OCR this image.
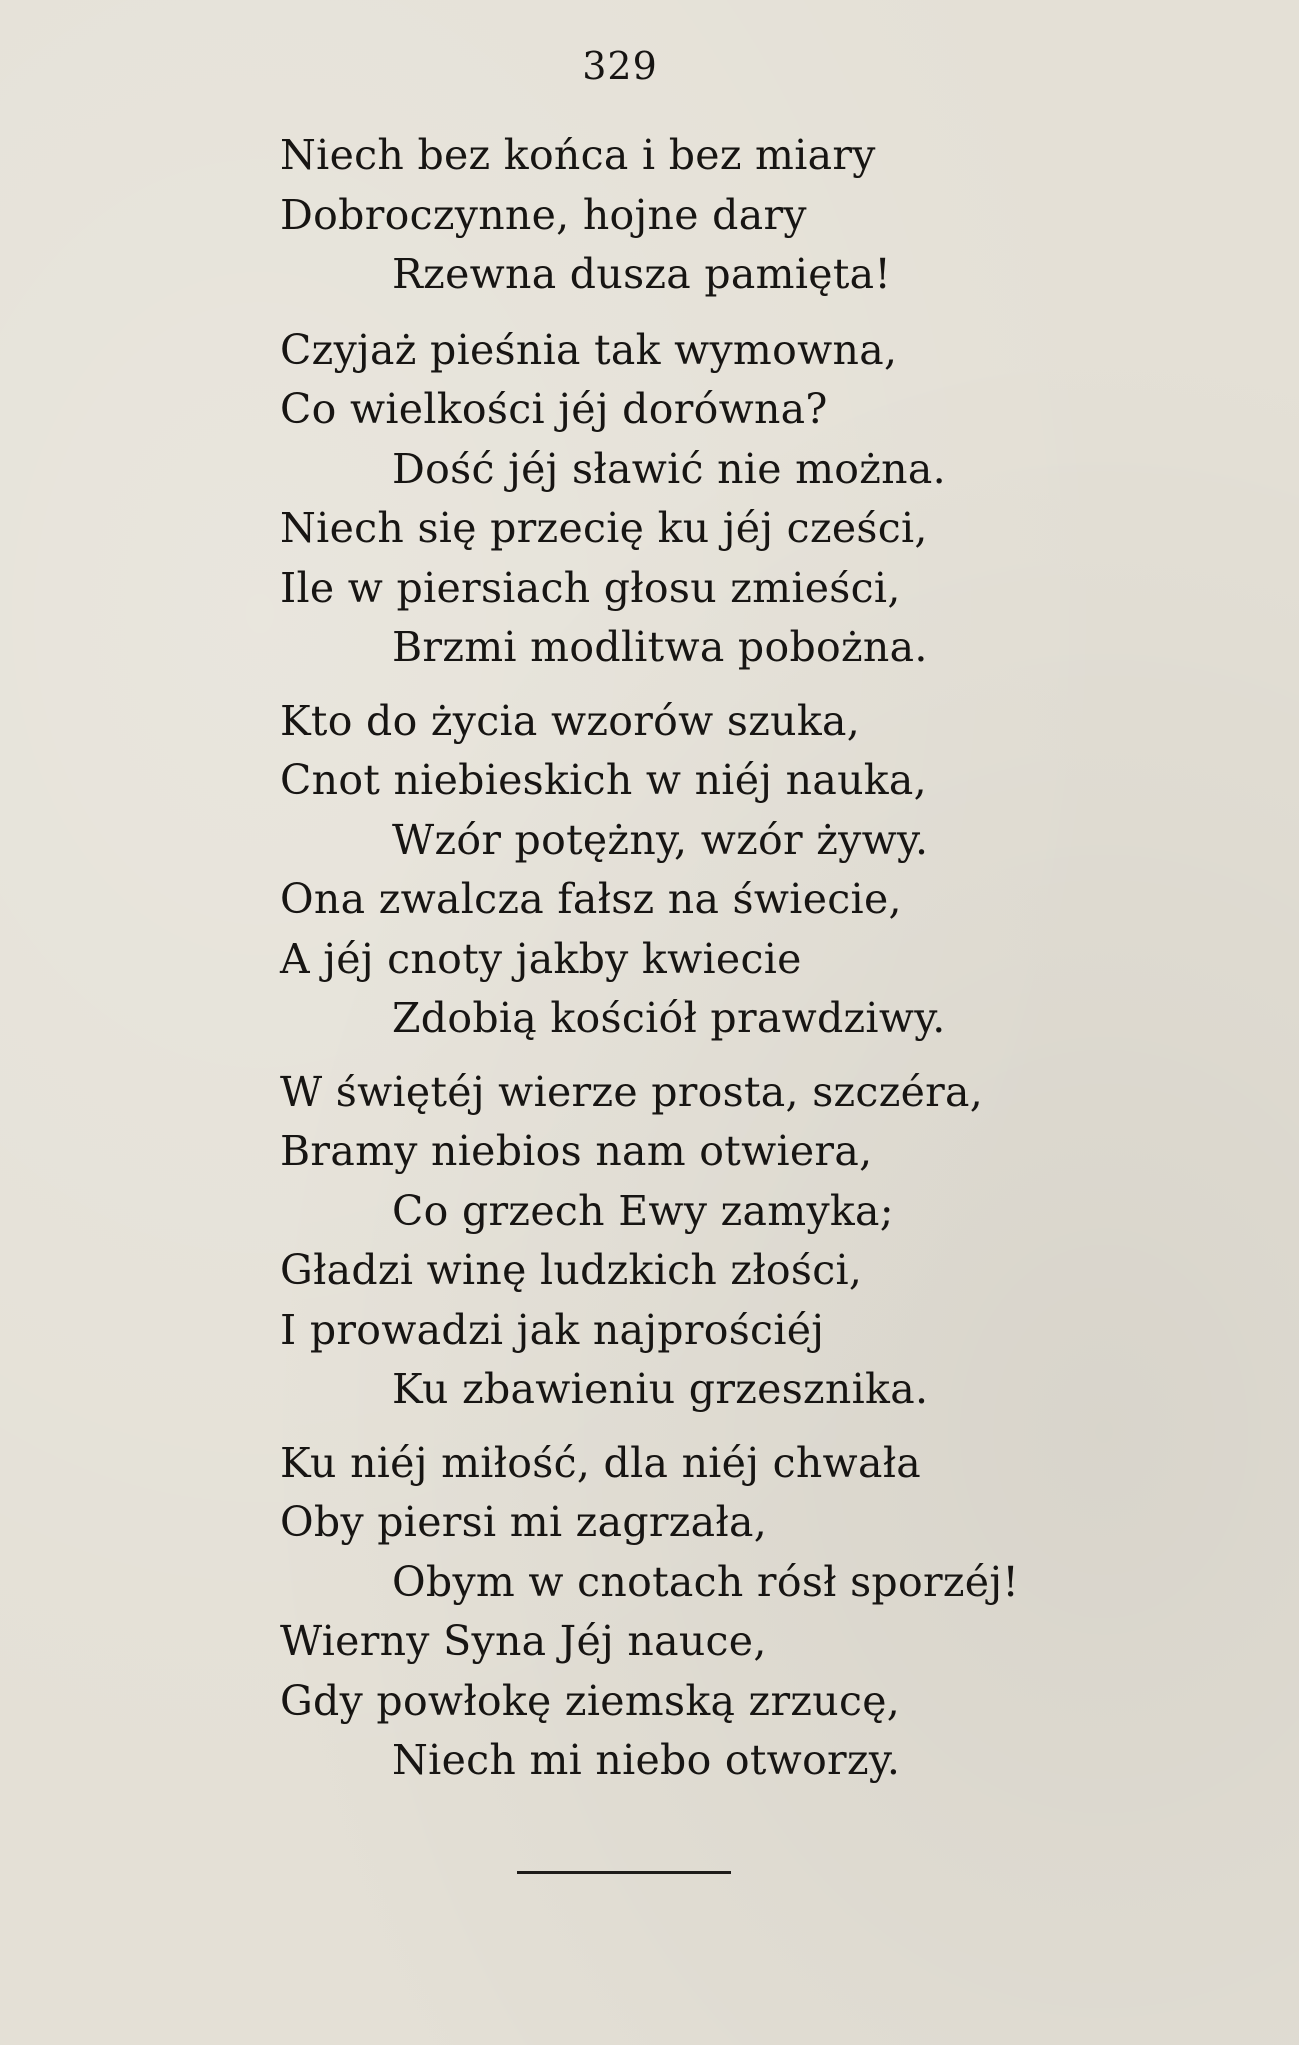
329
Niech bez końca i bez miary
Dobroczynne, hojne dary
Rzewna dusza pamięta!
Czyjaż pieśnia tak wymowna,
Co wielkości jéj dorówna?
Dość jéj sławić nie można.
Niech się przecię ku jéj cześci,
Ile w piersiach głosu zmieści,
Brzmi modlitwa pobożna.
Kto do życia wzorów szuka,
Cnot niebieskich w niéj nauka,
Wzór potężny, wzór żywy.
Ona zwalcza fałsz na świecie,
A jéj cnoty jakby kwiecie
Zdobią kościół prawdziwy.
W świętéj wierze prosta, szczéra,
Bramy niebios nam otwiera,
Co grzech Ewy zamyka;
Gładzi winę ludzkich złości,
I prowadzi jak najprościéj
Ku zbawieniu grzesznika.
Ku niéj miłość, dla niéj chwała
Oby piersi mi zagrzała,
Obym w cnotach rósł sporzéj!
Wierny Syna Jéj nauce,
Gdy powłokę ziemską zrzucę,
Niech mi niebo otworzy.
